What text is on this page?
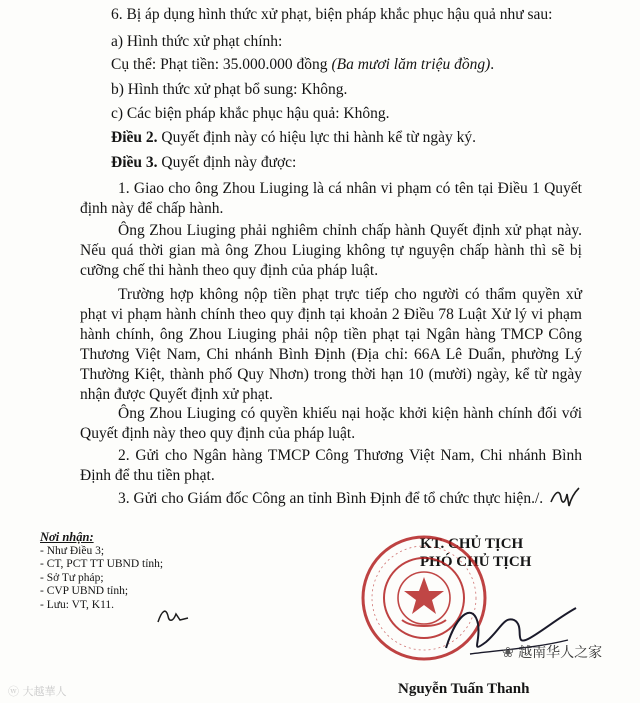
6. Bị áp dụng hình thức xử phạt, biện pháp khắc phục hậu quả như sau:
a) Hình thức xử phạt chính:
Cụ thể: Phạt tiền: 35.000.000 đồng (Ba mươi lăm triệu đồng).
b) Hình thức xử phạt bổ sung: Không.
c) Các biện pháp khắc phục hậu quả: Không.
Điều 2. Quyết định này có hiệu lực thi hành kể từ ngày ký.
Điều 3. Quyết định này được:
1. Giao cho ông Zhou Liuging là cá nhân vi phạm có tên tại Điều 1 Quyết định này để chấp hành.
Ông Zhou Liuging phải nghiêm chỉnh chấp hành Quyết định xử phạt này. Nếu quá thời gian mà ông Zhou Liuging không tự nguyện chấp hành thì sẽ bị cưỡng chế thi hành theo quy định của pháp luật.
Trường hợp không nộp tiền phạt trực tiếp cho người có thẩm quyền xử phạt vi phạm hành chính theo quy định tại khoản 2 Điều 78 Luật Xử lý vi phạm hành chính, ông Zhou Liuging phải nộp tiền phạt tại Ngân hàng TMCP Công Thương Việt Nam, Chi nhánh Bình Định (Địa chỉ: 66A Lê Duẩn, phường Lý Thường Kiệt, thành phố Quy Nhơn) trong thời hạn 10 (mười) ngày, kể từ ngày nhận được Quyết định xử phạt.
Ông Zhou Liuging có quyền khiếu nại hoặc khởi kiện hành chính đối với Quyết định này theo quy định của pháp luật.
2. Gửi cho Ngân hàng TMCP Công Thương Việt Nam, Chi nhánh Bình Định để thu tiền phạt.
3. Gửi cho Giám đốc Công an tỉnh Bình Định để tổ chức thực hiện./.
Nơi nhận:
- Như Điều 3;
- CT, PCT TT UBND tỉnh;
- Sở Tư pháp;
- CVP UBND tỉnh;
- Lưu: VT, K11.
KT. CHỦ TỊCH
PHÓ CHỦ TỊCH
Nguyễn Tuấn Thanh
ⓦ 大越華人
❀ 越南华人之家
